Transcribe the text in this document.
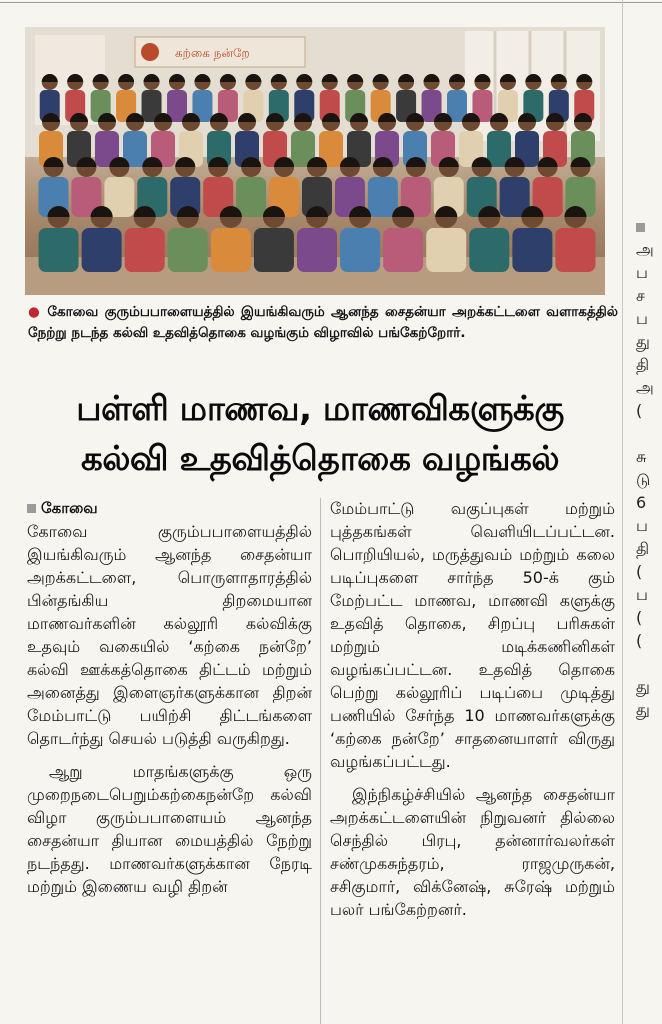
கற்கை நன்றே
● கோவை குரும்பபாளையத்தில் இயங்கிவரும் ஆனந்த சைதன்யா அறக்கட்டளை வளாகத்தில் நேற்று நடந்த கல்வி உதவித்தொகை வழங்கும் விழாவில் பங்கேற்றோர்.
பள்ளி மாணவ, மாணவிகளுக்கு
கல்வி உதவித்தொகை வழங்கல்
கோவை

கோவை குரும்பபாளையத்தில் இயங்கிவரும் ஆனந்த சைதன்யா அறக்கட்டளை, பொருளாதாரத்தில் பின்தங்கிய திறமையான மாணவர்களின் கல்லூரி கல்விக்கு உதவும் வகையில் ‘கற்கை நன்றே’ கல்வி ஊக்கத்தொகை திட்டம் மற்றும் அனைத்து இளைஞர்களுக்கான திறன் மேம்பாட்டு பயிற்சி திட்டங்களை தொடர்ந்து செயல் படுத்தி வருகிறது.

ஆறு மாதங்களுக்கு ஒரு முறைநடைபெறும்கற்கைநன்றே கல்வி விழா குரும்பபாளையம் ஆனந்த சைதன்யா தியான மையத்தில் நேற்று நடந்தது. மாணவர்களுக்கான நேரடி மற்றும் இணைய வழி திறன்

மேம்பாட்டு வகுப்புகள் மற்றும் புத்தகங்கள் வெளியிடப்பட்டன. பொறியியல், மருத்துவம் மற்றும் கலை படிப்புகளை சார்ந்த 50-க் கும் மேற்பட்ட மாணவ, மாணவி களுக்கு உதவித் தொகை, சிறப்பு பரிசுகள் மற்றும் மடிக்கணினிகள் வழங்கப்பட்டன. உதவித் தொகை பெற்று கல்லூரிப் படிப்பை முடித்து பணியில் சேர்ந்த 10 மாணவர்களுக்கு ‘கற்கை நன்றே’ சாதனையாளர் விருது வழங்கப்பட்டது.

இந்நிகழ்ச்சியில் ஆனந்த சைதன்யா அறக்கட்டளையின் நிறுவனர் தில்லை செந்தில் பிரபு, தன்னார்வலர்கள் சண்முகசுந்தரம், ராஜமுருகன், சசிகுமார், விக்னேஷ், சுரேஷ் மற்றும் பலர் பங்கேற்றனர்.

அ
ப
ச
ப
து
தி
அ
(
சு
டு
6
ப
தி
(
ப
(
(
து
து
